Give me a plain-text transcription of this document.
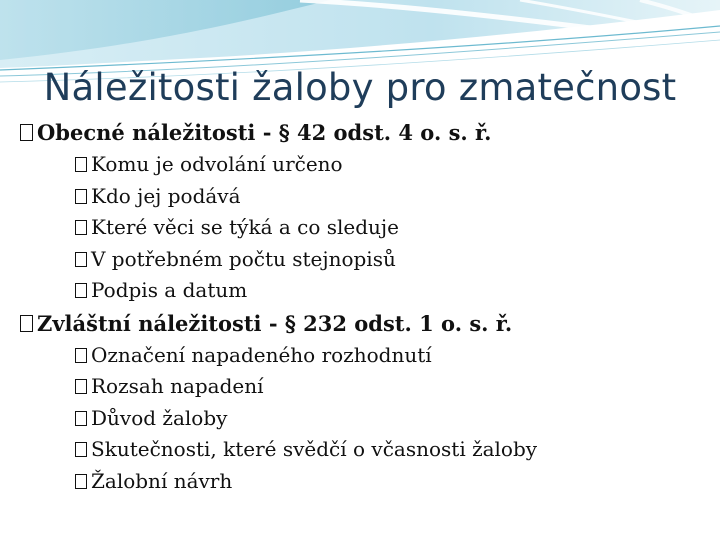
Náležitosti žaloby pro zmatečnost
Obecné náležitosti - § 42 odst. 4 o. s. ř.
Komu je odvolání určeno
Kdo jej podává
Které věci se týká a co sleduje
V potřebném počtu stejnopisů
Podpis a datum
Zvláštní náležitosti - § 232 odst. 1 o. s. ř.
Označení napadeného rozhodnutí
Rozsah napadení
Důvod žaloby
Skutečnosti, které svědčí o včasnosti žaloby
Žalobní návrh
